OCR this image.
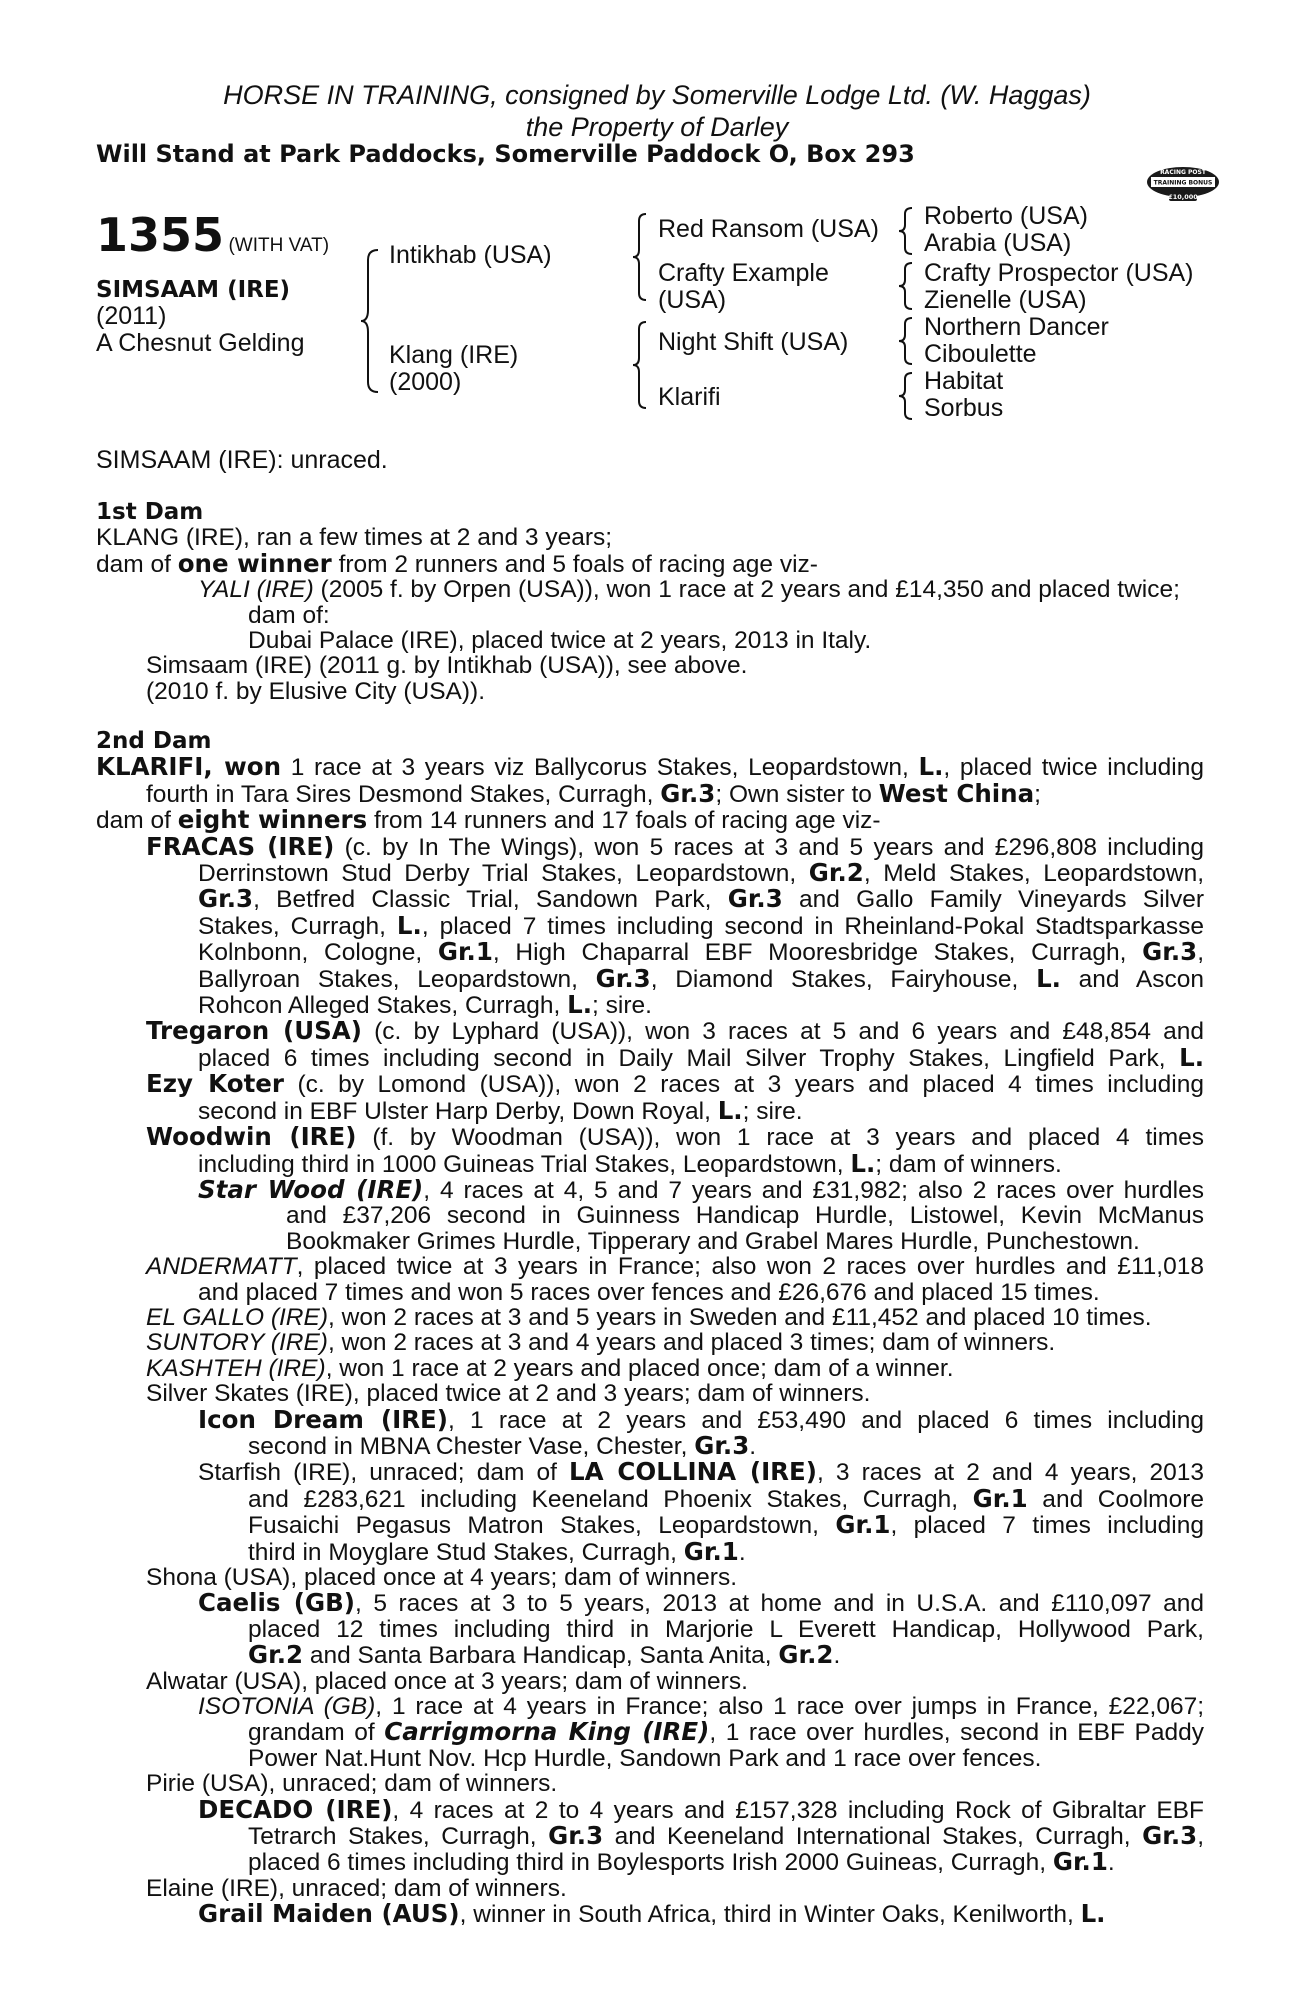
HORSE IN TRAINING, consigned by Somerville Lodge Ltd. (W. Haggas)
the Property of Darley
Will Stand at Park Paddocks, Somerville Paddock O, Box 293
RACING POST
TRAINING BONUS
£10,000
1355 (WITH VAT)
SIMSAAM (IRE)
(2011)
A Chesnut Gelding
Intikhab (USA)
Klang (IRE)
(2000)
Red Ransom (USA)
Crafty Example
(USA)
Night Shift (USA)
Klarifi
Roberto (USA)
Arabia (USA)
Crafty Prospector (USA)
Zienelle (USA)
Northern Dancer
Ciboulette
Habitat
Sorbus
SIMSAAM (IRE): unraced.
1st Dam
KLANG (IRE), ran a few times at 2 and 3 years;
dam of one winner from 2 runners and 5 foals of racing age viz-
YALI (IRE) (2005 f. by Orpen (USA)), won 1 race at 2 years and £14,350 and placed twice;
dam of:
Dubai Palace (IRE), placed twice at 2 years, 2013 in Italy.
Simsaam (IRE) (2011 g. by Intikhab (USA)), see above.
(2010 f. by Elusive City (USA)).
2nd Dam
KLARIFI, won 1 race at 3 years viz Ballycorus Stakes, Leopardstown, L., placed twice including
fourth in Tara Sires Desmond Stakes, Curragh, Gr.3; Own sister to West China;
dam of eight winners from 14 runners and 17 foals of racing age viz-
FRACAS (IRE) (c. by In The Wings), won 5 races at 3 and 5 years and £296,808 including
Derrinstown Stud Derby Trial Stakes, Leopardstown, Gr.2, Meld Stakes, Leopardstown,
Gr.3, Betfred Classic Trial, Sandown Park, Gr.3 and Gallo Family Vineyards Silver
Stakes, Curragh, L., placed 7 times including second in Rheinland-Pokal Stadtsparkasse
Kolnbonn, Cologne, Gr.1, High Chaparral EBF Mooresbridge Stakes, Curragh, Gr.3,
Ballyroan Stakes, Leopardstown, Gr.3, Diamond Stakes, Fairyhouse, L. and Ascon
Rohcon Alleged Stakes, Curragh, L.; sire.
Tregaron (USA) (c. by Lyphard (USA)), won 3 races at 5 and 6 years and £48,854 and
placed 6 times including second in Daily Mail Silver Trophy Stakes, Lingfield Park, L.
Ezy Koter (c. by Lomond (USA)), won 2 races at 3 years and placed 4 times including
second in EBF Ulster Harp Derby, Down Royal, L.; sire.
Woodwin (IRE) (f. by Woodman (USA)), won 1 race at 3 years and placed 4 times
including third in 1000 Guineas Trial Stakes, Leopardstown, L.; dam of winners.
Star Wood (IRE), 4 races at 4, 5 and 7 years and £31,982; also 2 races over hurdles
and £37,206 second in Guinness Handicap Hurdle, Listowel, Kevin McManus
Bookmaker Grimes Hurdle, Tipperary and Grabel Mares Hurdle, Punchestown.
ANDERMATT, placed twice at 3 years in France; also won 2 races over hurdles and £11,018
and placed 7 times and won 5 races over fences and £26,676 and placed 15 times.
EL GALLO (IRE), won 2 races at 3 and 5 years in Sweden and £11,452 and placed 10 times.
SUNTORY (IRE), won 2 races at 3 and 4 years and placed 3 times; dam of winners.
KASHTEH (IRE), won 1 race at 2 years and placed once; dam of a winner.
Silver Skates (IRE), placed twice at 2 and 3 years; dam of winners.
Icon Dream (IRE), 1 race at 2 years and £53,490 and placed 6 times including
second in MBNA Chester Vase, Chester, Gr.3.
Starfish (IRE), unraced; dam of LA COLLINA (IRE), 3 races at 2 and 4 years, 2013
and £283,621 including Keeneland Phoenix Stakes, Curragh, Gr.1 and Coolmore
Fusaichi Pegasus Matron Stakes, Leopardstown, Gr.1, placed 7 times including
third in Moyglare Stud Stakes, Curragh, Gr.1.
Shona (USA), placed once at 4 years; dam of winners.
Caelis (GB), 5 races at 3 to 5 years, 2013 at home and in U.S.A. and £110,097 and
placed 12 times including third in Marjorie L Everett Handicap, Hollywood Park,
Gr.2 and Santa Barbara Handicap, Santa Anita, Gr.2.
Alwatar (USA), placed once at 3 years; dam of winners.
ISOTONIA (GB), 1 race at 4 years in France; also 1 race over jumps in France, £22,067;
grandam of Carrigmorna King (IRE), 1 race over hurdles, second in EBF Paddy
Power Nat.Hunt Nov. Hcp Hurdle, Sandown Park and 1 race over fences.
Pirie (USA), unraced; dam of winners.
DECADO (IRE), 4 races at 2 to 4 years and £157,328 including Rock of Gibraltar EBF
Tetrarch Stakes, Curragh, Gr.3 and Keeneland International Stakes, Curragh, Gr.3,
placed 6 times including third in Boylesports Irish 2000 Guineas, Curragh, Gr.1.
Elaine (IRE), unraced; dam of winners.
Grail Maiden (AUS), winner in South Africa, third in Winter Oaks, Kenilworth, L.
